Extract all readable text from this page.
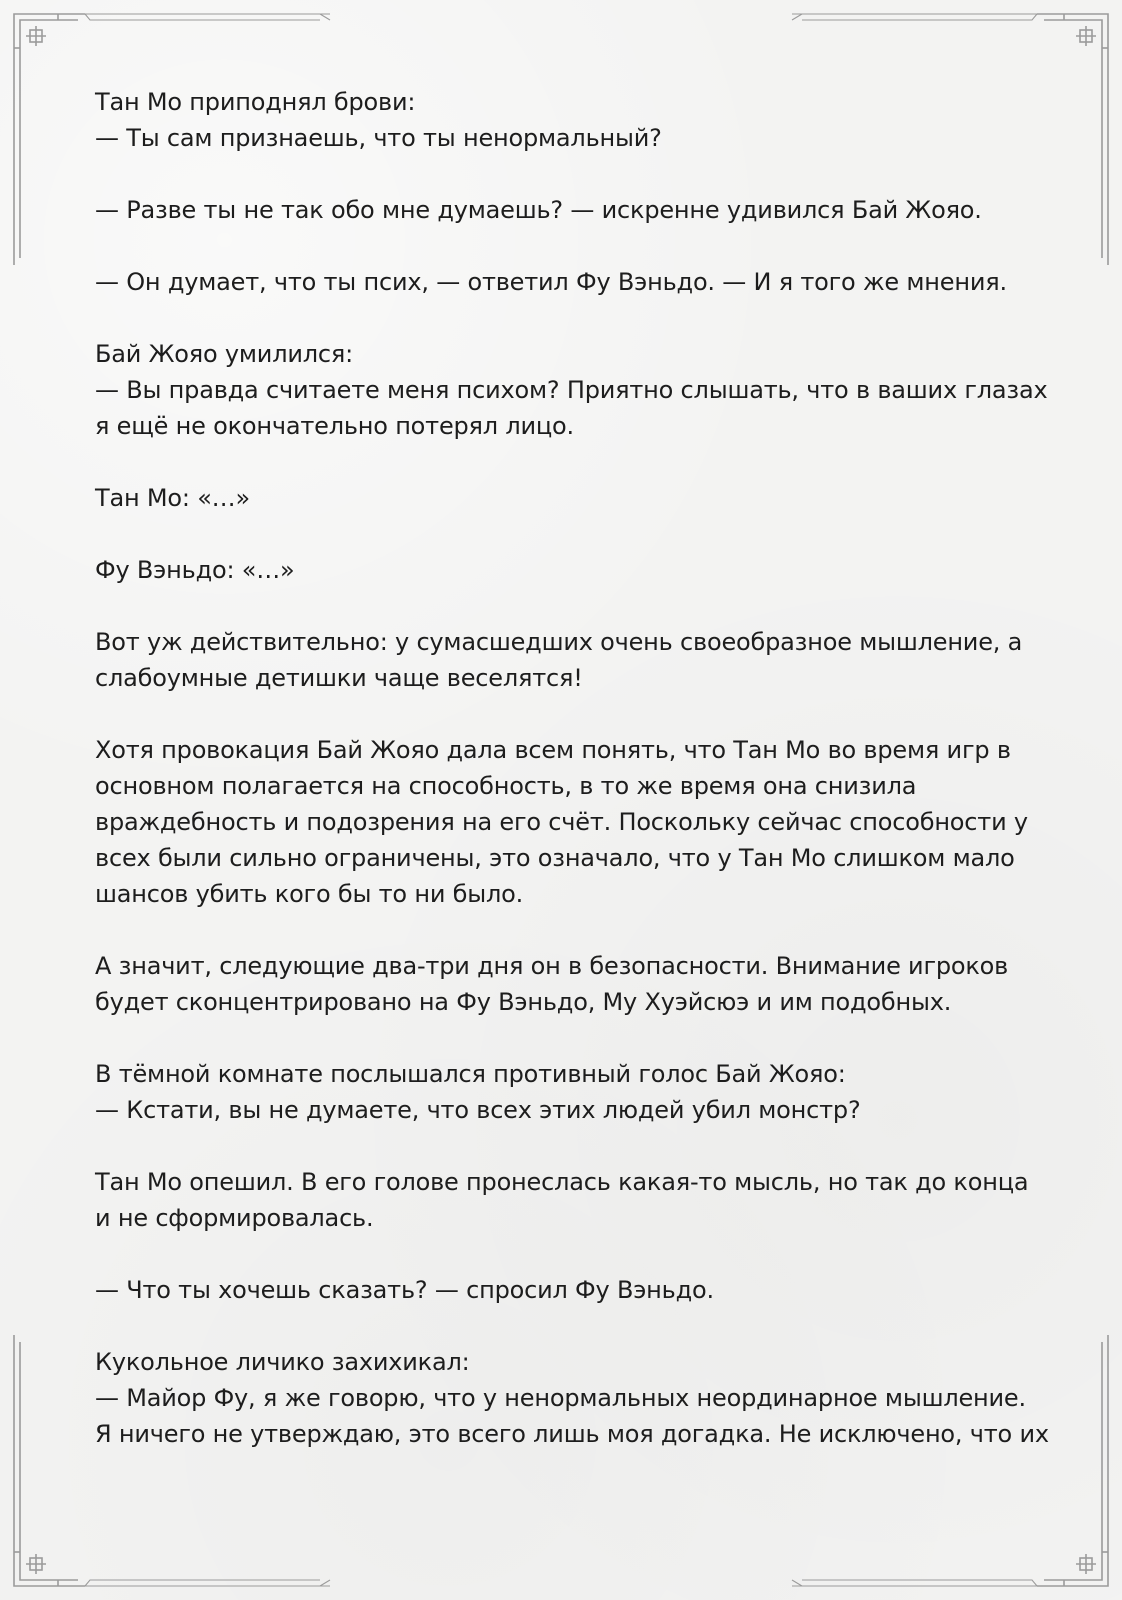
Тан Мо приподнял брови:
— Ты сам признаешь, что ты ненормальный?

— Разве ты не так обо мне думаешь? — искренне удивился Бай Жояо.

— Он думает, что ты псих, — ответил Фу Вэньдо. — И я того же мнения.

Бай Жояо умилился:
— Вы правда считаете меня психом? Приятно слышать, что в ваших глазах
я ещё не окончательно потерял лицо.

Тан Мо: «…»

Фу Вэньдо: «…»

Вот уж действительно: у сумасшедших очень своеобразное мышление, а
слабоумные детишки чаще веселятся!

Хотя провокация Бай Жояо дала всем понять, что Тан Мо во время игр в
основном полагается на способность, в то же время она снизила
враждебность и подозрения на его счёт. Поскольку сейчас способности у
всех были сильно ограничены, это означало, что у Тан Мо слишком мало
шансов убить кого бы то ни было.

А значит, следующие два-три дня он в безопасности. Внимание игроков
будет сконцентрировано на Фу Вэньдо, Му Хуэйсюэ и им подобных.

В тёмной комнате послышался противный голос Бай Жояо:
— Кстати, вы не думаете, что всех этих людей убил монстр?

Тан Мо опешил. В его голове пронеслась какая-то мысль, но так до конца
и не сформировалась.

— Что ты хочешь сказать? — спросил Фу Вэньдо.

Кукольное личико захихикал:
— Майор Фу, я же говорю, что у ненормальных неординарное мышление.
Я ничего не утверждаю, это всего лишь моя догадка. Не исключено, что их
